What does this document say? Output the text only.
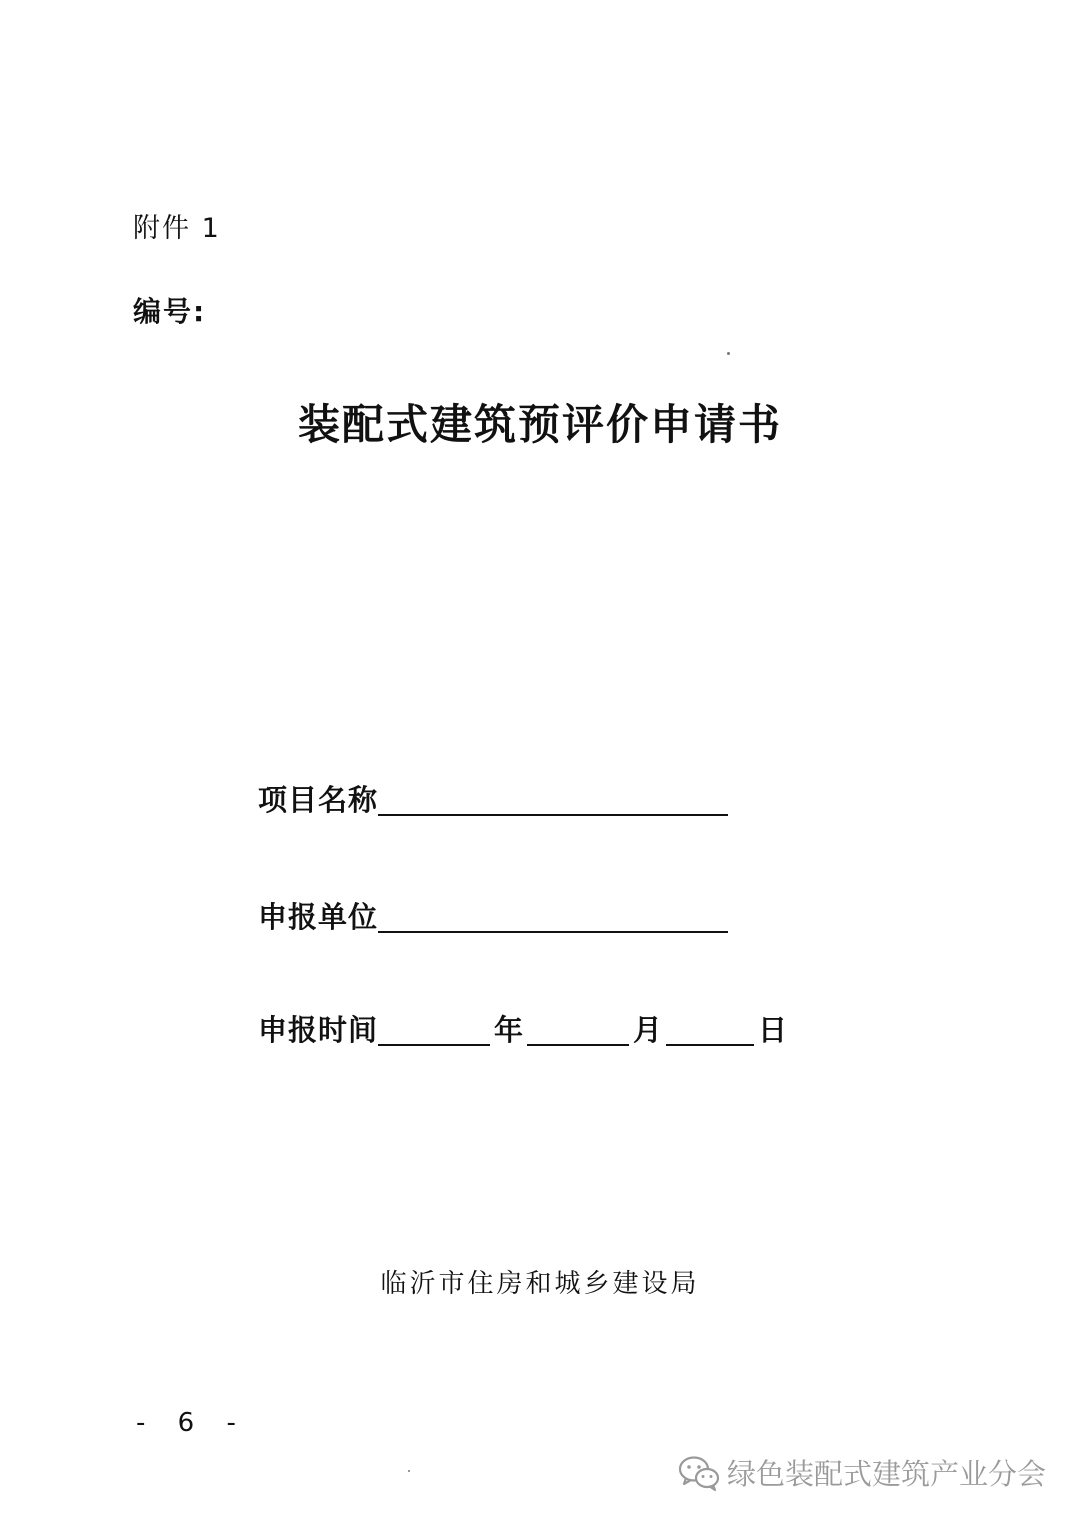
附件 1
编号:
装配式建筑预评价申请书
项目名称
申报单位
申报时间	年	月	日
临沂市住房和城乡建设局
- 6 -
绿色装配式建筑产业分会
